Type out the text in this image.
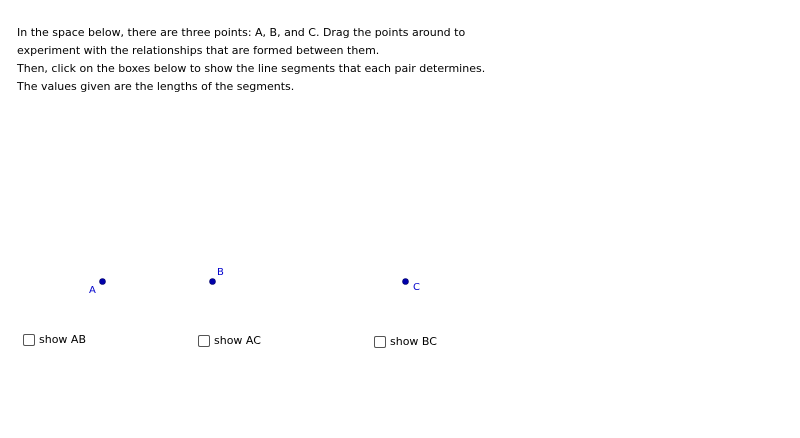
In the space below, there are three points: A, B, and C. Drag the points around to
experiment with the relationships that are formed between them.
Then, click on the boxes below to show the line segments that each pair determines.
The values given are the lengths of the segments.
A
B
C
show AB	show AC	show BC
